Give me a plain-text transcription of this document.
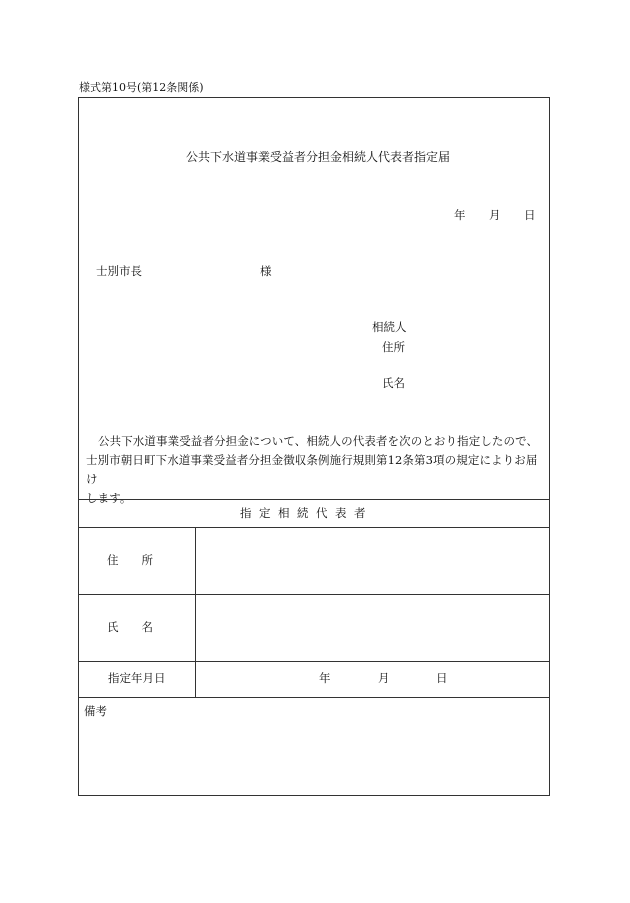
様式第10号(第12条関係)
公共下水道事業受益者分担金相続人代表者指定届
年 月 日
士別市長	様
相続人
住所
氏名
公共下水道事業受益者分担金について、相続人の代表者を次のとおり指定したので、
士別市朝日町下水道事業受益者分担金徴収条例施行規則第12条第3項の規定によりお届け
します。
指定相続代表者
住　　所
氏　　名
指定年月日	年	月	日
備考
